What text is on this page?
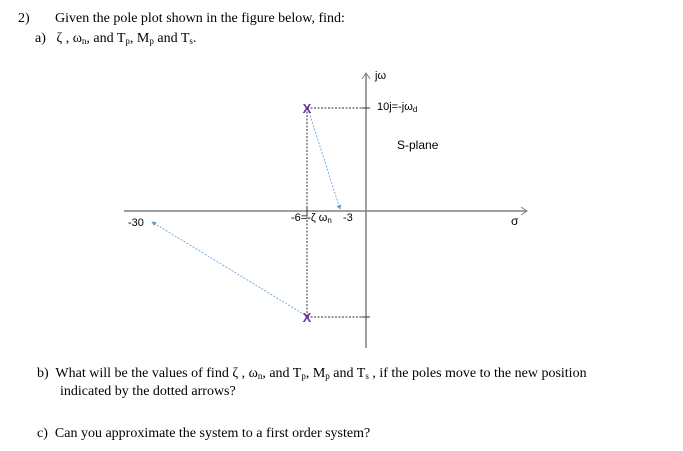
2) Given the pole plot shown in the figure below, find:
a) ζ , $\omega_n$, and $T_p$, $M_p$ and $T_s$.
X
X
jω
10j=-jωd
S-plane
-30	-6=-ζ ωn -3	σ
b) What will be the values of find ζ , $\omega_n$, and $T_p$, $M_p$ and $T_s$ , if the poles move to the new position
indicated by the dotted arrows?
c) Can you approximate the system to a first order system?
